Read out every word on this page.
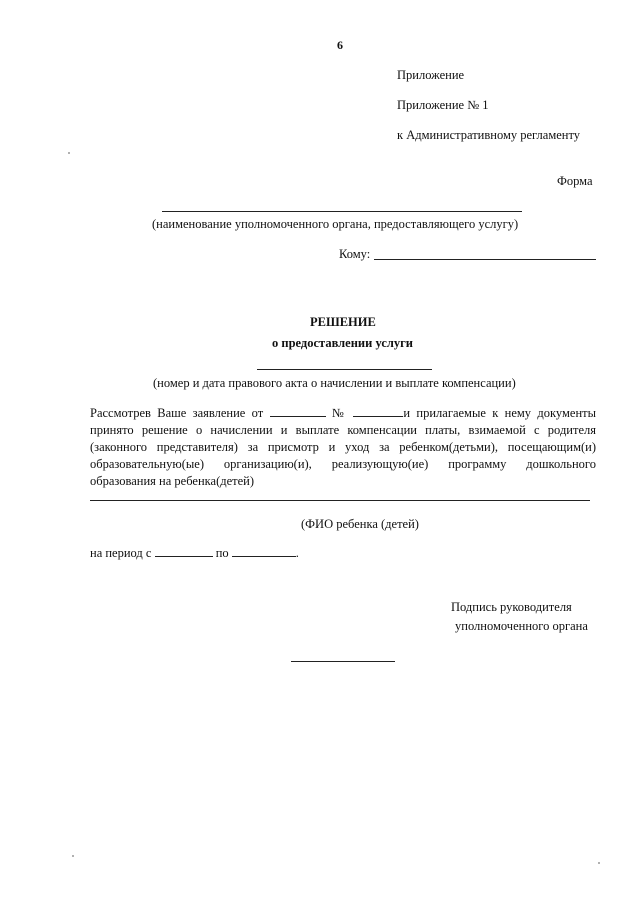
6
Приложение
Приложение № 1
к Административному регламенту
Форма
(наименование уполномоченного органа, предоставляющего услугу)
Кому:
РЕШЕНИЕ
о предоставлении услуги
(номер и дата правового акта о начислении и выплате компенсации)
Рассмотрев Ваше заявление от	№	и прилагаемые к нему документы
принято решение о начислении и выплате компенсации платы, взимаемой с родителя
(законного представителя) за присмотр и уход за ребенком(детьми), посещающим(и)
образовательную(ые) организацию(и), реализующую(ие) программу дошкольного
образования на ребенка(детей)
(ФИО ребенка (детей)
на период с	по	.
Подпись руководителя
уполномоченного органа
